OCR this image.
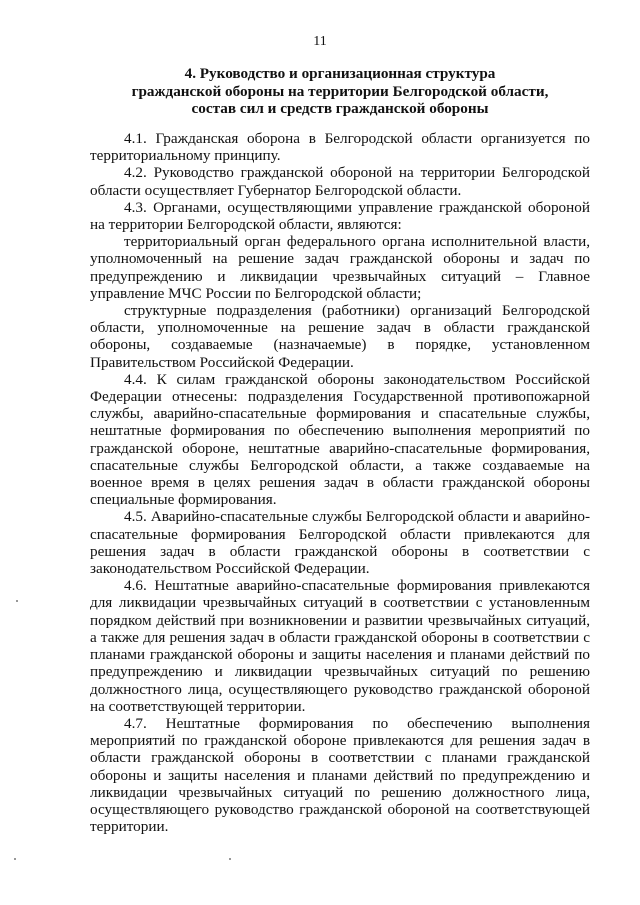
11
4. Руководство и организационная структура
гражданской обороны на территории Белгородской области,
состав сил и средств гражданской обороны

4.1. Гражданская оборона в Белгородской области организуется по территориальному принципу.

4.2. Руководство гражданской обороной на территории Белгородской области осуществляет Губернатор Белгородской области.

4.3. Органами, осуществляющими управление гражданской обороной на территории Белгородской области, являются:

территориальный орган федерального органа исполнительной власти, уполномоченный на решение задач гражданской обороны и задач по предупреждению и ликвидации чрезвычайных ситуаций – Главное управление МЧС России по Белгородской области;

структурные подразделения (работники) организаций Белгородской области, уполномоченные на решение задач в области гражданской обороны, создаваемые (назначаемые) в порядке, установленном Правительством Российской Федерации.

4.4. К силам гражданской обороны законодательством Российской Федерации отнесены: подразделения Государственной противопожарной службы, аварийно-спасательные формирования и спасательные службы, нештатные формирования по обеспечению выполнения мероприятий по гражданской обороне, нештатные аварийно-спасательные формирования, спасательные службы Белгородской области, а также создаваемые на военное время в целях решения задач в области гражданской обороны специальные формирования.

4.5. Аварийно-спасательные службы Белгородской области и аварийно-спасательные формирования Белгородской области привлекаются для решения задач в области гражданской обороны в соответствии с законодательством Российской Федерации.

4.6. Нештатные аварийно-спасательные формирования привлекаются для ликвидации чрезвычайных ситуаций в соответствии с установленным порядком действий при возникновении и развитии чрезвычайных ситуаций, а также для решения задач в области гражданской обороны в соответствии с планами гражданской обороны и защиты населения и планами действий по предупреждению и ликвидации чрезвычайных ситуаций по решению должностного лица, осуществляющего руководство гражданской обороной на соответствующей территории.

4.7. Нештатные формирования по обеспечению выполнения мероприятий по гражданской обороне привлекаются для решения задач в области гражданской обороны в соответствии с планами гражданской обороны и защиты населения и планами действий по предупреждению и ликвидации чрезвычайных ситуаций по решению должностного лица, осуществляющего руководство гражданской обороной на соответствующей территории.
